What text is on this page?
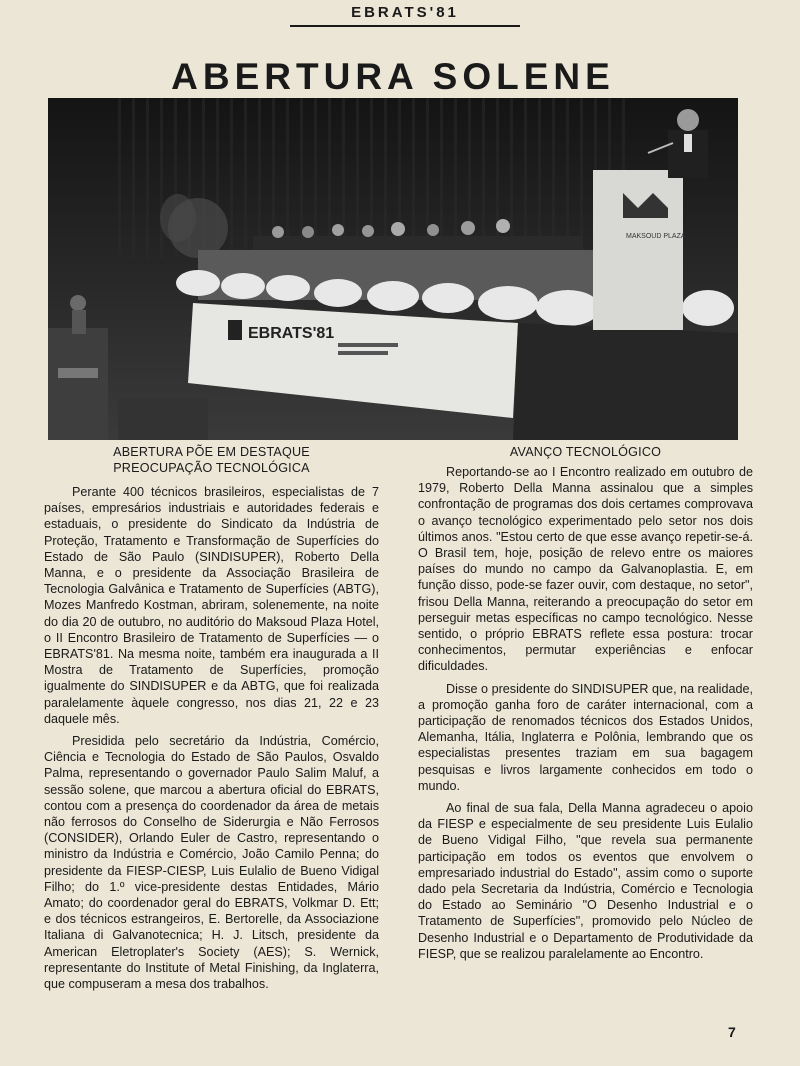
EBRATS'81
ABERTURA SOLENE
EBRATS'81
MAKSOUD PLAZA
ABERTURA PÕE EM DESTAQUE
PREOCUPAÇÃO TECNOLÓGICA

Perante 400 técnicos brasileiros, especialistas de 7 países, empresários industriais e autoridades federais e estaduais, o presidente do Sindicato da Indústria de Proteção, Tratamento e Transformação de Superfícies do Estado de São Paulo (SINDISUPER), Roberto Della Manna, e o presidente da Associação Brasileira de Tecnologia Galvânica e Tratamento de Superfícies (ABTG), Mozes Manfredo Kostman, abriram, solenemente, na noite do dia 20 de outubro, no auditório do Maksoud Plaza Hotel, o II Encontro Brasileiro de Tratamento de Superfícies — o EBRATS'81. Na mesma noite, também era inaugurada a II Mostra de Tratamento de Superfícies, promoção igualmente do SINDISUPER e da ABTG, que foi realizada paralelamente àquele congresso, nos dias 21, 22 e 23 daquele mês.

Presidida pelo secretário da Indústria, Comércio, Ciência e Tecnologia do Estado de São Paulos, Osvaldo Palma, representando o governador Paulo Salim Maluf, a sessão solene, que marcou a abertura oficial do EBRATS, contou com a presença do coordenador da área de metais não ferrosos do Conselho de Siderurgia e Não Ferrosos (CONSIDER), Orlando Euler de Castro, representando o ministro da Indústria e Comércio, João Camilo Penna; do presidente da FIESP-CIESP, Luis Eulalio de Bueno Vidigal Filho; do 1.º vice-presidente destas Entidades, Mário Amato; do coordenador geral do EBRATS, Volkmar D. Ett; e dos técnicos estrangeiros, E. Bertorelle, da Associazione Italiana di Galvanotecnica; H. J. Litsch, presidente da American Eletroplater's Society (AES); S. Wernick, representante do Institute of Metal Finishing, da Inglaterra, que compuseram a mesa dos trabalhos.

AVANÇO TECNOLÓGICO

Reportando-se ao I Encontro realizado em outubro de 1979, Roberto Della Manna assinalou que a simples confrontação de programas dos dois certames comprovava o avanço tecnológico experimentado pelo setor nos dois últimos anos. "Estou certo de que esse avanço repetir-se-á. O Brasil tem, hoje, posição de relevo entre os maiores países do mundo no campo da Galvanoplastia. E, em função disso, pode-se fazer ouvir, com destaque, no setor", frisou Della Manna, reiterando a preocupação do setor em perseguir metas específicas no campo tecnológico. Nesse sentido, o próprio EBRATS reflete essa postura: trocar conhecimentos, permutar experiências e enfocar dificuldades.

Disse o presidente do SINDISUPER que, na realidade, a promoção ganha foro de caráter internacional, com a participação de renomados técnicos dos Estados Unidos, Alemanha, Itália, Inglaterra e Polônia, lembrando que os especialistas presentes traziam em sua bagagem pesquisas e livros largamente conhecidos em todo o mundo.

Ao final de sua fala, Della Manna agradeceu o apoio da FIESP e especialmente de seu presidente Luis Eulalio de Bueno Vidigal Filho, "que revela sua permanente participação em todos os eventos que envolvem o empresariado industrial do Estado", assim como o suporte dado pela Secretaria da Indústria, Comércio e Tecnologia do Estado ao Seminário "O Desenho Industrial e o Tratamento de Superfícies", promovido pelo Núcleo de Desenho Industrial e o Departamento de Produtividade da FIESP, que se realizou paralelamente ao Encontro.

7
